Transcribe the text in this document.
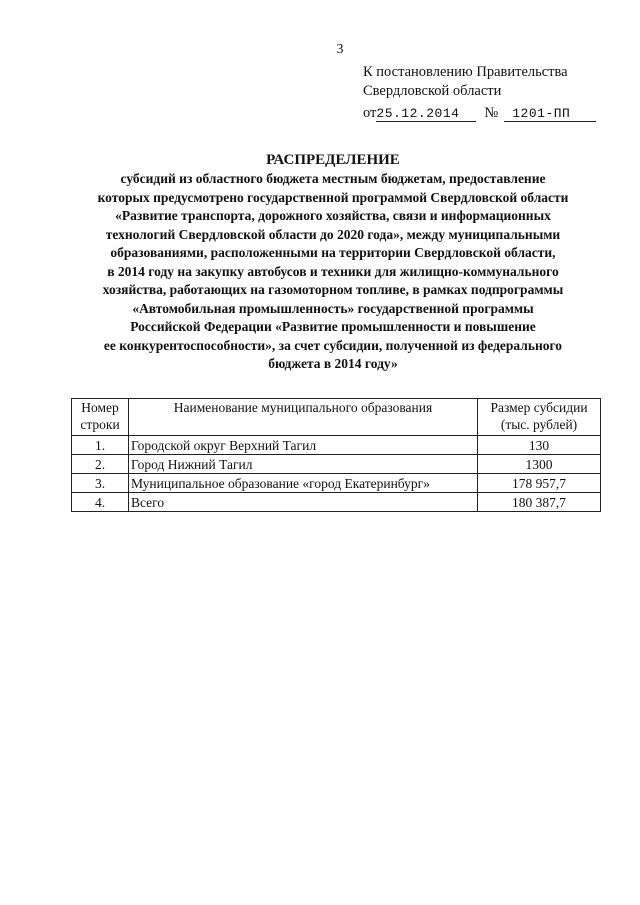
3
К постановлению Правительства
Свердловской области
от25.12.2014 № 1201-ПП
РАСПРЕДЕЛЕНИЕ
субсидий из областного бюджета местным бюджетам, предоставление
которых предусмотрено государственной программой Свердловской области
«Развитие транспорта, дорожного хозяйства, связи и информационных
технологий Свердловской области до 2020 года», между муниципальными
образованиями, расположенными на территории Свердловской области,
в 2014 году на закупку автобусов и техники для жилищно-коммунального
хозяйства, работающих на газомоторном топливе, в рамках подпрограммы
«Автомобильная промышленность» государственной программы
Российской Федерации «Развитие промышленности и повышение
ее конкурентоспособности», за счет субсидии, полученной из федерального
бюджета в 2014 году»
Номер
строки	Наименование муниципального образования	Размер субсидии
(тыс. рублей)
1.	Городской округ Верхний Тагил	130
2.	Город Нижний Тагил	1300
3.	Муниципальное образование «город Екатеринбург»	178 957,7
4.	Всего	180 387,7
